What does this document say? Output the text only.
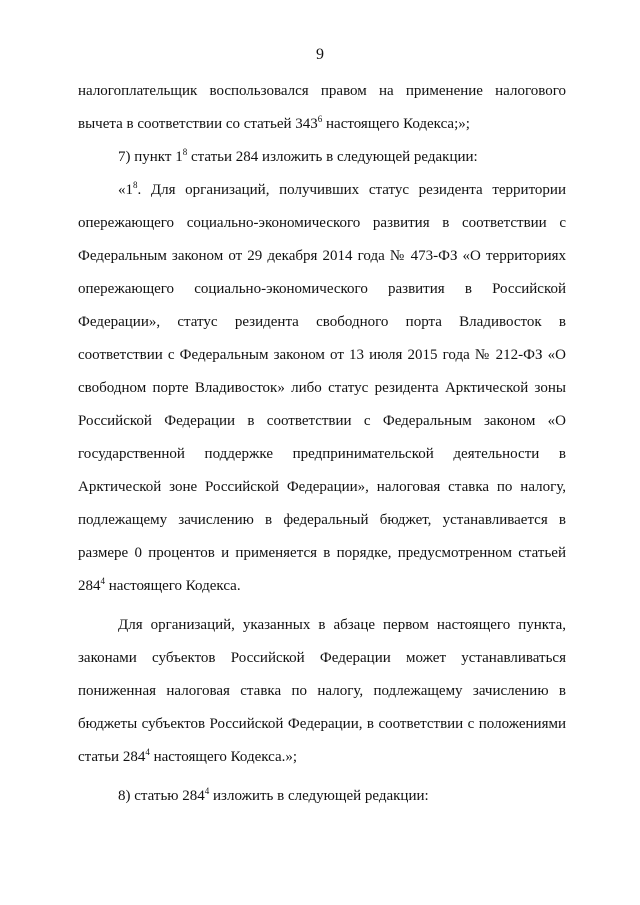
9

налогоплательщик воспользовался правом на применение налогового вычета в соответствии со статьей $343^6$ настоящего Кодекса;»;

7) пункт $1^8$ статьи 284 изложить в следующей редакции:

«$1^8$. Для организаций, получивших статус резидента территории опережающего социально-экономического развития в соответствии с Федеральным законом от 29 декабря 2014 года № 473-ФЗ «О территориях опережающего социально-экономического развития в Российской Федерации», статус резидента свободного порта Владивосток в соответствии с Федеральным законом от 13 июля 2015 года № 212-ФЗ «О свободном порте Владивосток» либо статус резидента Арктической зоны Российской Федерации в соответствии с Федеральным законом «О государственной поддержке предпринимательской деятельности в Арктической зоне Российской Федерации», налоговая ставка по налогу, подлежащему зачислению в федеральный бюджет, устанавливается в размере 0 процентов и применяется в порядке, предусмотренном статьей $284^4$ настоящего Кодекса.

Для организаций, указанных в абзаце первом настоящего пункта, законами субъектов Российской Федерации может устанавливаться пониженная налоговая ставка по налогу, подлежащему зачислению в бюджеты субъектов Российской Федерации, в соответствии с положениями статьи $284^4$ настоящего Кодекса.»;

8) статью $284^4$ изложить в следующей редакции:
